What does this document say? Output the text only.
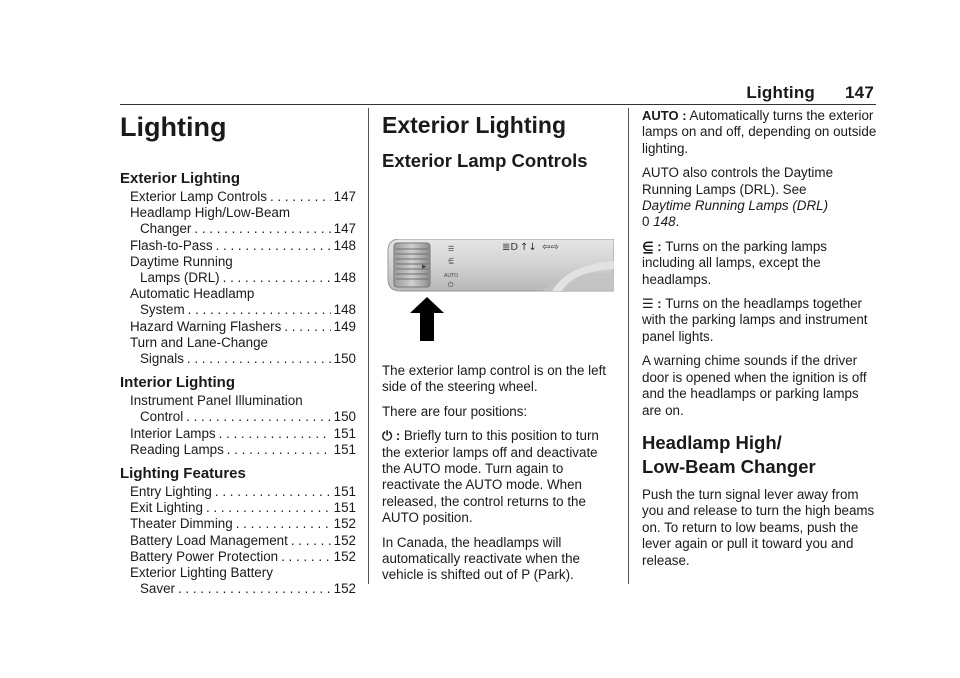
Lighting 147
Lighting
Exterior Lighting
Exterior Lamp Controls . . .	147
Headlamp High/Low-Beam
Changer . . .	147
Flash-to-Pass . . .	148
Daytime Running
Lamps (DRL) . . .	148
Automatic Headlamp
System . . .	148
Hazard Warning Flashers . . .	149
Turn and Lane-Change
Signals . . .	150
Interior Lighting
Instrument Panel Illumination
Control . . .	150
Interior Lamps . . .	151
Reading Lamps . . .	151
Lighting Features
Entry Lighting . . .	151
Exit Lighting . . .	151
Theater Dimming . . .	152
Battery Load Management . . .	152
Battery Power Protection . . .	152
Exterior Lighting Battery
Saver . . .	152
Exterior Lighting
Exterior Lamp Controls
☰
⋸
AUTO
⏻
▸
≣D ↑↓ ⇦⇨

The exterior lamp control is on the left side of the steering wheel.

There are four positions:

⏻ : Briefly turn to this position to turn the exterior lamps off and deactivate the AUTO mode. Turn again to reactivate the AUTO mode. When released, the control returns to the AUTO position.

In Canada, the headlamps will automatically reactivate when the vehicle is shifted out of P (Park).

AUTO : Automatically turns the exterior lamps on and off, depending on outside lighting.

AUTO also controls the Daytime Running Lamps (DRL). See
Daytime Running Lamps (DRL)
0 148.

⋸ : Turns on the parking lamps including all lamps, except the headlamps.

☰ : Turns on the headlamps together with the parking lamps and instrument panel lights.

A warning chime sounds if the driver door is opened when the ignition is off and the headlamps or parking lamps are on.

Headlamp High/
Low-Beam Changer

Push the turn signal lever away from you and release to turn the high beams on. To return to low beams, push the lever again or pull it toward you and release.
